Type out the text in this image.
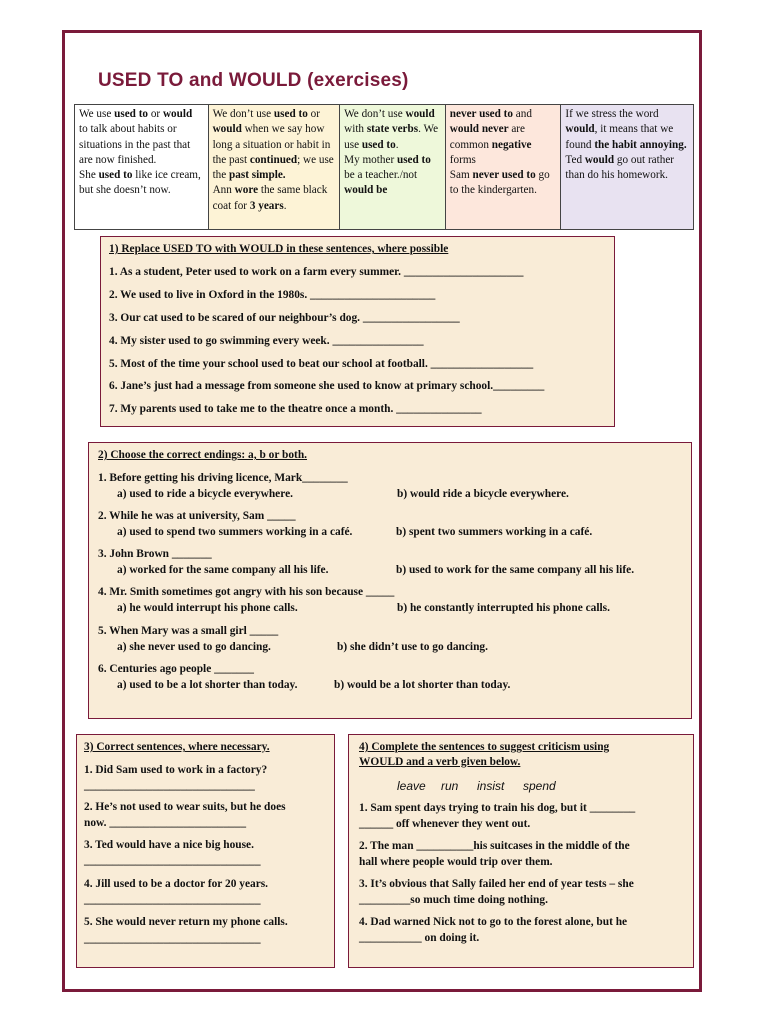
USED TO and WOULD (exercises)
We use used to or would to talk about habits or situations in the past that are now finished.
She used to like ice cream, but she doesn’t now.
We don’t use used to or would when we say how long a situation or habit in the past continued; we use the past simple.
Ann wore the same black coat for 3 years.
We don’t use would with state verbs. We use used to.
My mother used to be a teacher./not would be
never used to and would never are common negative forms
Sam never used to go to the kindergarten.
If we stress the word would, it means that we found the habit annoying.
Ted would go out rather than do his homework.
1) Replace USED TO with WOULD in these sentences, where possible
1. As a student, Peter used to work on a farm every summer. _____________________
2. We used to live in Oxford in the 1980s. ______________________
3. Our cat used to be scared of our neighbour’s dog. _________________
4. My sister used to go swimming every week. ________________
5. Most of the time your school used to beat our school at football. __________________
6. Jane’s just had a message from someone she used to know at primary school._________
7. My parents used to take me to the theatre once a month. _______________
2) Choose the correct endings: a, b or both.
1. Before getting his driving licence, Mark________
a) used to ride a bicycle everywhere.	b) would ride a bicycle everywhere.
2. While he was at university, Sam _____
a) used to spend two summers working in a café.	b) spent two summers working in a café.
3. John Brown _______
a) worked for the same company all his life.	b) used to work for the same company all his life.
4. Mr. Smith sometimes got angry with his son because _____
a) he would interrupt his phone calls.	b) he constantly interrupted his phone calls.
5. When Mary was a small girl _____
a) she never used to go dancing.	b) she didn’t use to go dancing.
6. Centuries ago people _______
a) used to be a lot shorter than today.	b) would be a lot shorter than today.
3) Correct sentences, where necessary.
1. Did Sam used to work in a factory?
______________________________
2. He’s not used to wear suits, but he does
now. ________________________
3. Ted would have a nice big house.
_______________________________
4. Jill used to be a doctor for 20 years.
_______________________________
5. She would never return my phone calls.
_______________________________
4) Complete the sentences to suggest criticism using
WOULD and a verb given below.
leave run insist spend
1. Sam spent days trying to train his dog, but it ________
______ off whenever they went out.
2. The man __________his suitcases in the middle of the
hall where people would trip over them.
3. It’s obvious that Sally failed her end of year tests – she
_________so much time doing nothing.
4. Dad warned Nick not to go to the forest alone, but he
___________ on doing it.
